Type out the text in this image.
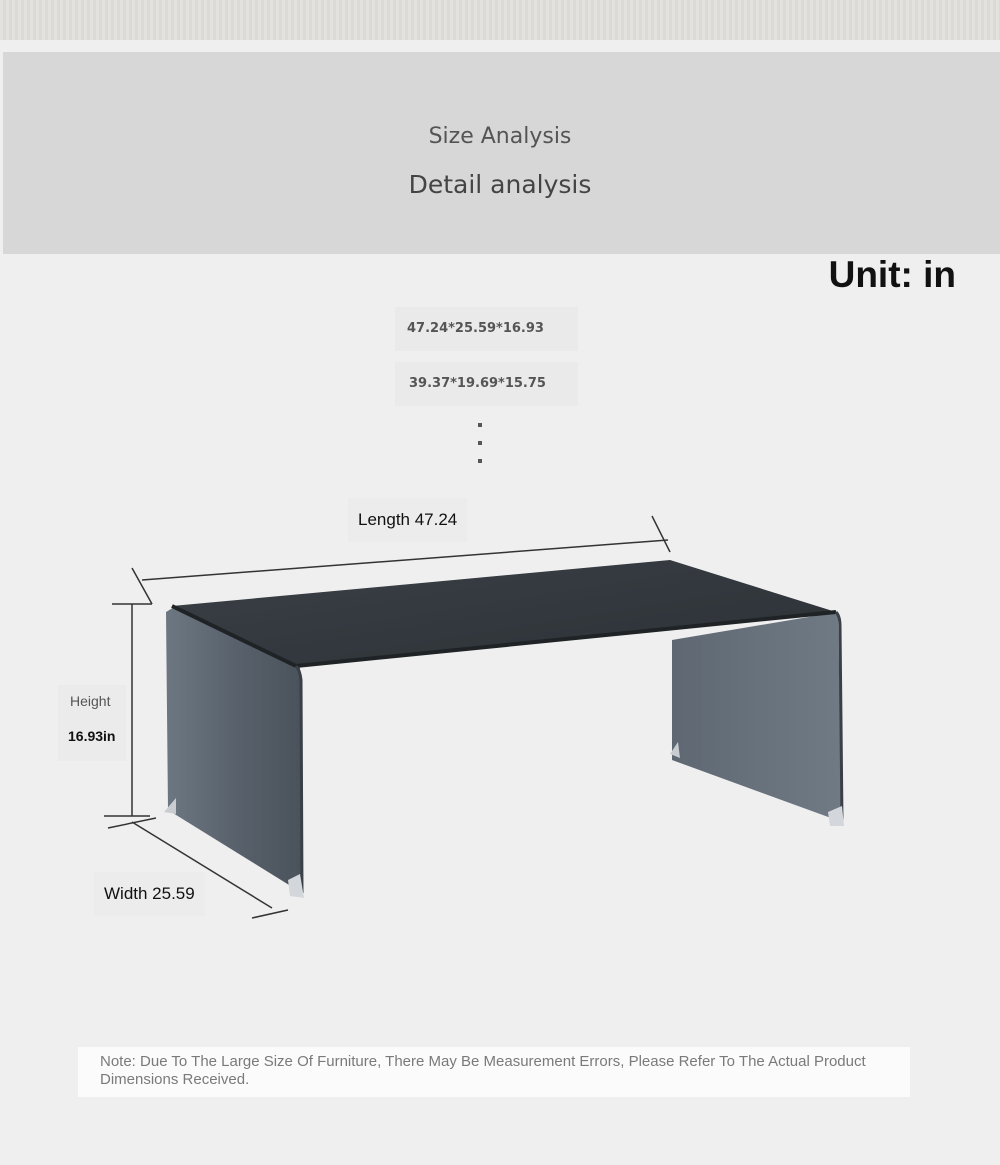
Size Analysis
Detail analysis
Unit: in
47.24*25.59*16.93
39.37*19.69*15.75
Length 47.24
Width 25.59
Height
16.93in
Note: Due To The Large Size Of Furniture, There May Be Measurement Errors, Please Refer To The Actual Product Dimensions Received.
